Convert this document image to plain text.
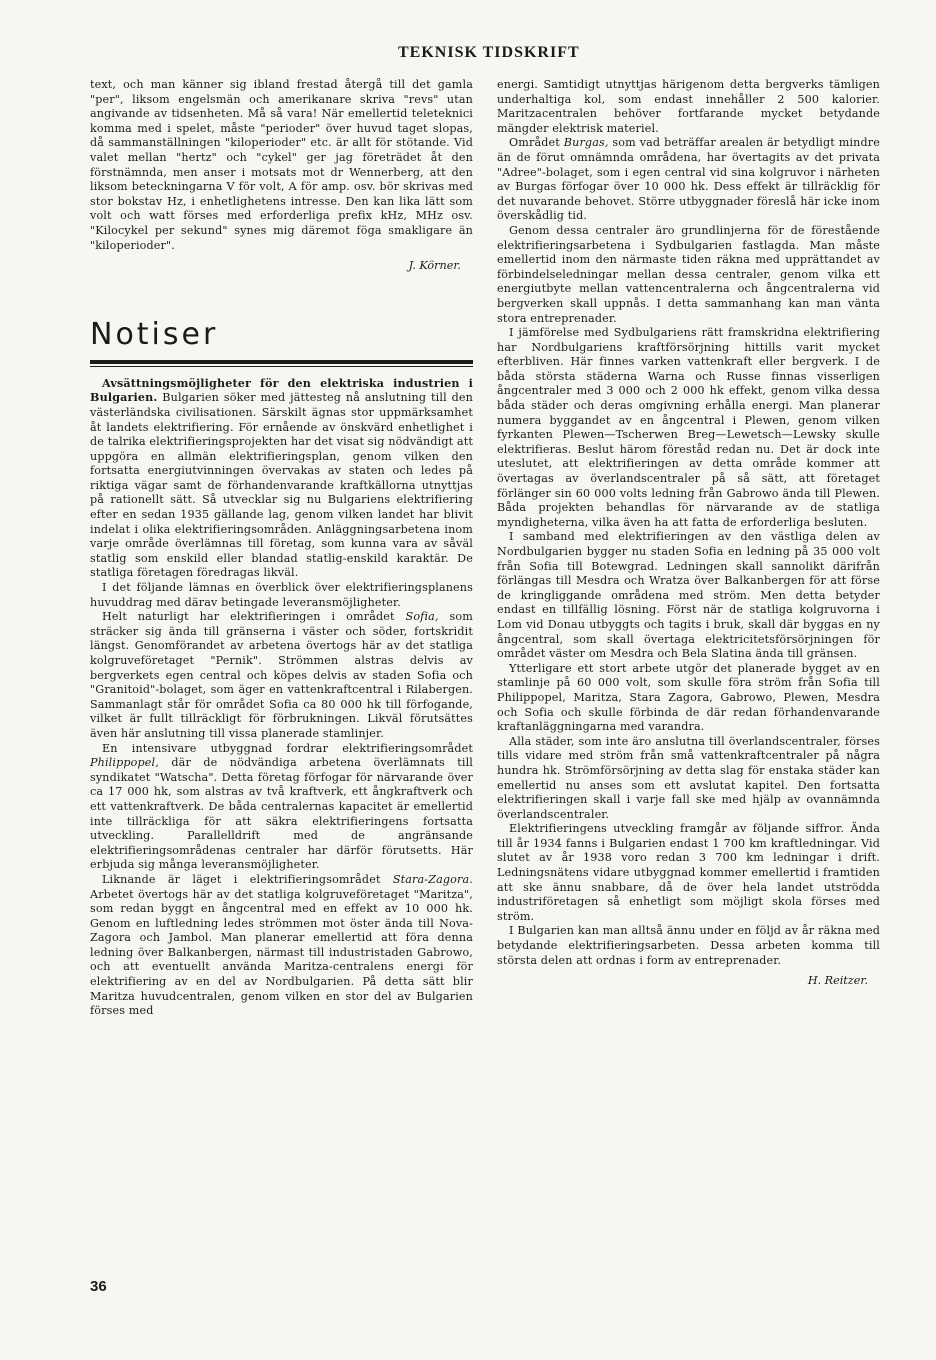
TEKNISK TIDSKRIFT

text, och man känner sig ibland frestad återgå till det gamla "per", liksom engelsmän och amerikanare skriva "revs" utan angivande av tidsenheten. Må så vara! När emellertid teleteknici komma med i spelet, måste "perioder" över huvud taget slopas, då sammanställningen "kiloperioder" etc. är allt för stötande. Vid valet mellan "hertz" och "cykel" ger jag företrädet åt den förstnämnda, men anser i motsats mot dr Wennerberg, att den liksom beteckningarna V för volt, A för amp. osv. bör skrivas med stor bokstav Hz, i enhetlighetens intresse. Den kan lika lätt som volt och watt förses med erforderliga prefix kHz, MHz osv. "Kilocykel per sekund" synes mig däremot föga smakligare än "kiloperioder".

J. Körner.
Notiser

Avsättningsmöjligheter för den elektriska industrien i Bulgarien. Bulgarien söker med jättesteg nå anslutning till den västerländska civilisationen. Särskilt ägnas stor uppmärksamhet åt landets elektrifiering. För ernående av önskvärd enhetlighet i de talrika elektrifieringsprojekten har det visat sig nödvändigt att uppgöra en allmän elektrifieringsplan, genom vilken den fortsatta energiutvinningen övervakas av staten och ledes på riktiga vägar samt de förhandenvarande kraftkällorna utnyttjas på rationellt sätt. Så utvecklar sig nu Bulgariens elektrifiering efter en sedan 1935 gällande lag, genom vilken landet har blivit indelat i olika elektrifieringsområden. Anläggningsarbetena inom varje område överlämnas till företag, som kunna vara av såväl statlig som enskild eller blandad statlig-enskild karaktär. De statliga företagen föredragas likväl.

I det följande lämnas en överblick över elektrifieringsplanens huvuddrag med därav betingade leveransmöjligheter.

Helt naturligt har elektrifieringen i området Sofia, som sträcker sig ända till gränserna i väster och söder, fortskridit längst. Genomförandet av arbetena övertogs här av det statliga kolgruveföretaget "Pernik". Strömmen alstras delvis av bergverkets egen central och köpes delvis av staden Sofia och "Granitoid"-bolaget, som äger en vattenkraftcentral i Rilabergen. Sammanlagt står för området Sofia ca 80 000 hk till förfogande, vilket är fullt tillräckligt för förbrukningen. Likväl förutsättes även här anslutning till vissa planerade stamlinjer.

En intensivare utbyggnad fordrar elektrifieringsområdet Philippopel, där de nödvändiga arbetena överlämnats till syndikatet "Watscha". Detta företag förfogar för närvarande över ca 17 000 hk, som alstras av två kraftverk, ett ångkraftverk och ett vattenkraftverk. De båda centralernas kapacitet är emellertid inte tillräckliga för att säkra elektrifieringens fortsatta utveckling. Parallelldrift med de angränsande elektrifieringsområdenas centraler har därför förutsetts. Här erbjuda sig många leveransmöjligheter.

Liknande är läget i elektrifieringsområdet Stara-Zagora. Arbetet övertogs här av det statliga kolgruveföretaget "Maritza", som redan byggt en ångcentral med en effekt av 10 000 hk. Genom en luftledning ledes strömmen mot öster ända till Nova-Zagora och Jambol. Man planerar emellertid att föra denna ledning över Balkanbergen, närmast till industristaden Gabrowo, och att eventuellt använda Maritza-centralens energi för elektrifiering av en del av Nordbulgarien. På detta sätt blir Maritza huvudcentralen, genom vilken en stor del av Bulgarien förses med

energi. Samtidigt utnyttjas härigenom detta bergverks tämligen underhaltiga kol, som endast innehåller 2 500 kalorier. Maritzacentralen behöver fortfarande mycket betydande mängder elektrisk materiel.

Området Burgas, som vad beträffar arealen är betydligt mindre än de förut omnämnda områdena, har övertagits av det privata "Adree"-bolaget, som i egen central vid sina kolgruvor i närheten av Burgas förfogar över 10 000 hk. Dess effekt är tillräcklig för det nuvarande behovet. Större utbyggnader föreslå här icke inom överskådlig tid.

Genom dessa centraler äro grundlinjerna för de förestående elektrifieringsarbetena i Sydbulgarien fastlagda. Man måste emellertid inom den närmaste tiden räkna med upprättandet av förbindelseledningar mellan dessa centraler, genom vilka ett energiutbyte mellan vattencentralerna och ångcentralerna vid bergverken skall uppnås. I detta sammanhang kan man vänta stora entreprenader.

I jämförelse med Sydbulgariens rätt framskridna elektrifiering har Nordbulgariens kraftförsörjning hittills varit mycket efterbliven. Här finnes varken vattenkraft eller bergverk. I de båda största städerna Warna och Russe finnas visserligen ångcentraler med 3 000 och 2 000 hk effekt, genom vilka dessa båda städer och deras omgivning erhålla energi. Man planerar numera byggandet av en ångcentral i Plewen, genom vilken fyrkanten Plewen—Tscherwen Breg—Lewetsch—Lewsky skulle elektrifieras. Beslut härom föreståd redan nu. Det är dock inte uteslutet, att elektrifieringen av detta område kommer att övertagas av överlandscentraler på så sätt, att företaget förlänger sin 60 000 volts ledning från Gabrowo ända till Plewen. Båda projekten behandlas för närvarande av de statliga myndigheterna, vilka även ha att fatta de erforderliga besluten.

I samband med elektrifieringen av den västliga delen av Nordbulgarien bygger nu staden Sofia en ledning på 35 000 volt från Sofia till Botewgrad. Ledningen skall sannolikt därifrån förlängas till Mesdra och Wratza över Balkanbergen för att förse de kringliggande områdena med ström. Men detta betyder endast en tillfällig lösning. Först när de statliga kolgruvorna i Lom vid Donau utbyggts och tagits i bruk, skall där byggas en ny ångcentral, som skall övertaga elektricitetsförsörjningen för området väster om Mesdra och Bela Slatina ända till gränsen.

Ytterligare ett stort arbete utgör det planerade bygget av en stamlinje på 60 000 volt, som skulle föra ström från Sofia till Philippopel, Maritza, Stara Zagora, Gabrowo, Plewen, Mesdra och Sofia och skulle förbinda de där redan förhandenvarande kraftanläggningarna med varandra.

Alla städer, som inte äro anslutna till överlandscentraler, förses tills vidare med ström från små vattenkraftcentraler på några hundra hk. Strömförsörjning av detta slag för enstaka städer kan emellertid nu anses som ett avslutat kapitel. Den fortsatta elektrifieringen skall i varje fall ske med hjälp av ovannämnda överlandscentraler.

Elektrifieringens utveckling framgår av följande siffror. Ända till år 1934 fanns i Bulgarien endast 1 700 km kraftledningar. Vid slutet av år 1938 voro redan 3 700 km ledningar i drift. Ledningsnätens vidare utbyggnad kommer emellertid i framtiden att ske ännu snabbare, då de över hela landet utströdda industriföretagen så enhetligt som möjligt skola förses med ström.

I Bulgarien kan man alltså ännu under en följd av år räkna med betydande elektrifieringsarbeten. Dessa arbeten komma till största delen att ordnas i form av entreprenader.

H. Reitzer.
36
